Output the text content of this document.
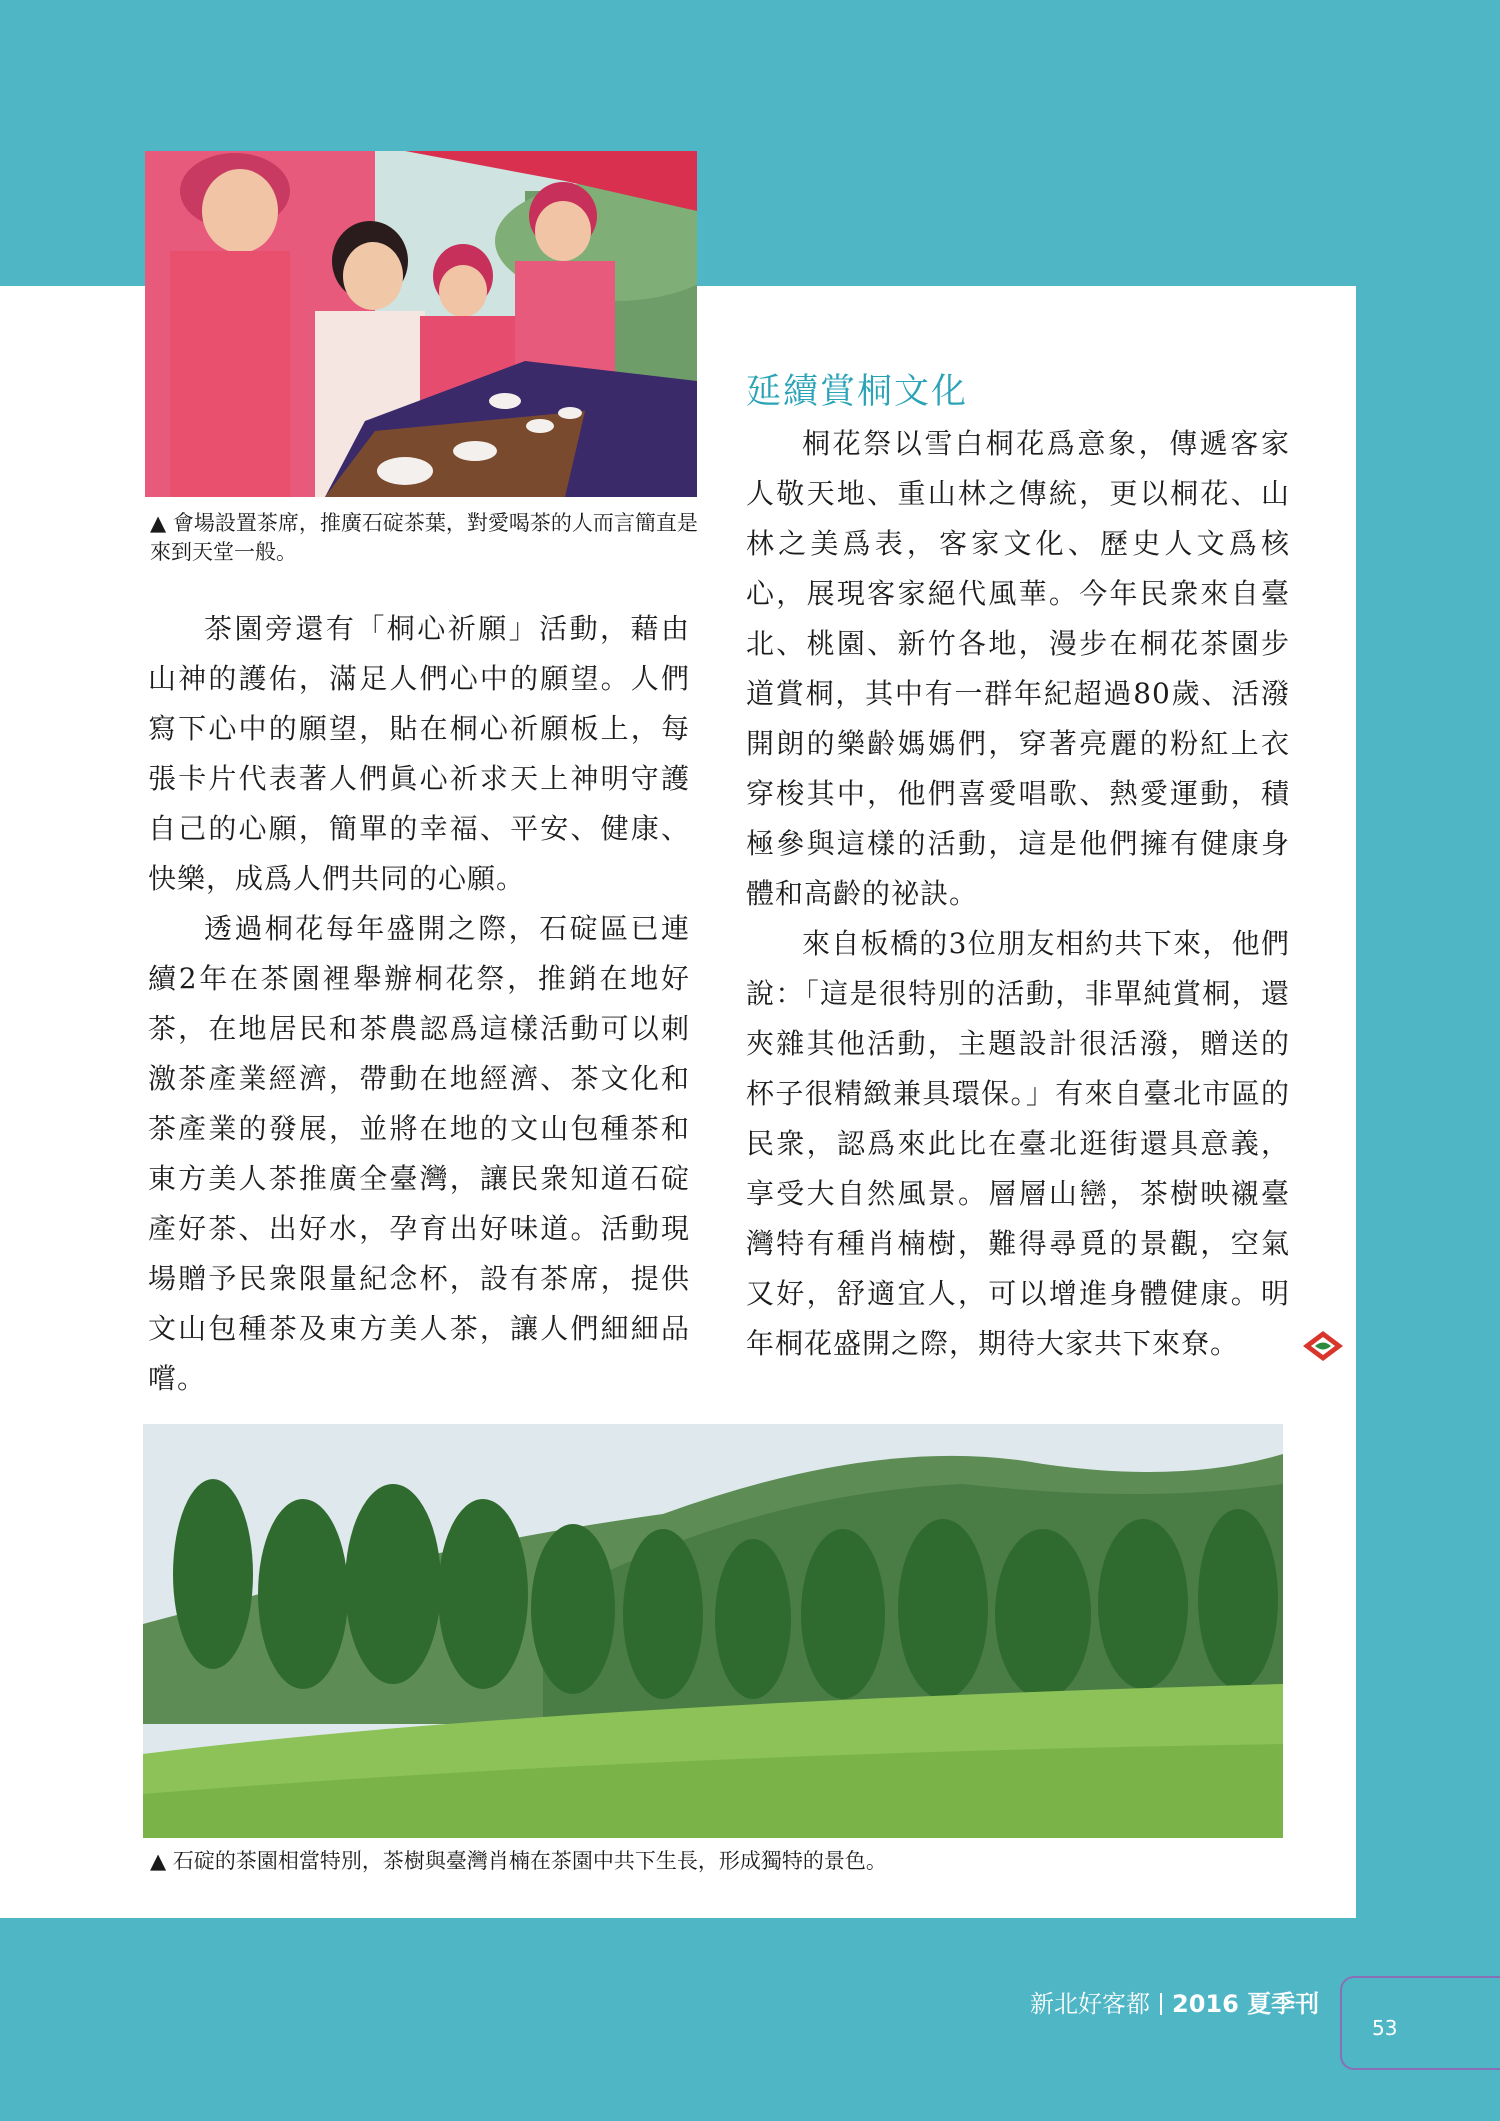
▲ 會場設置茶席，推廣石碇茶葉，對愛喝茶的人而言簡直是來到天堂一般。

茶園旁還有「桐心祈願」活動，藉由山神的護佑，滿足人們心中的願望。人們寫下心中的願望，貼在桐心祈願板上，每張卡片代表著人們眞心祈求天上神明守護自己的心願，簡單的幸福、平安、健康、快樂，成爲人們共同的心願。

透過桐花每年盛開之際，石碇區已連續2年在茶園裡舉辦桐花祭，推銷在地好茶，在地居民和茶農認爲這樣活動可以刺激茶產業經濟，帶動在地經濟、茶文化和茶產業的發展，並將在地的文山包種茶和東方美人茶推廣全臺灣，讓民衆知道石碇產好茶、出好水，孕育出好味道。活動現場贈予民衆限量紀念杯，設有茶席，提供文山包種茶及東方美人茶，讓人們細細品嚐。

延續賞桐文化

桐花祭以雪白桐花爲意象，傳遞客家人敬天地、重山林之傳統，更以桐花、山林之美爲表，客家文化、歷史人文爲核心，展現客家絕代風華。今年民衆來自臺北、桃園、新竹各地，漫步在桐花茶園步道賞桐，其中有一群年紀超過80歲、活潑開朗的樂齡媽媽們，穿著亮麗的粉紅上衣穿梭其中，他們喜愛唱歌、熱愛運動，積極參與這樣的活動，這是他們擁有健康身體和高齡的祕訣。

來自板橋的3位朋友相約共下來，他們說：「這是很特別的活動，非單純賞桐，還夾雜其他活動，主題設計很活潑，贈送的杯子很精緻兼具環保。」有來自臺北市區的民衆，認爲來此比在臺北逛街還具意義，享受大自然風景。層層山巒，茶樹映襯臺灣特有種肖楠樹，難得尋覓的景觀，空氣又好，舒適宜人，可以增進身體健康。明年桐花盛開之際，期待大家共下來尞。

▲ 石碇的茶園相當特別，茶樹與臺灣肖楠在茶園中共下生長，形成獨特的景色。
新北好客都 2016 夏季刊
53
